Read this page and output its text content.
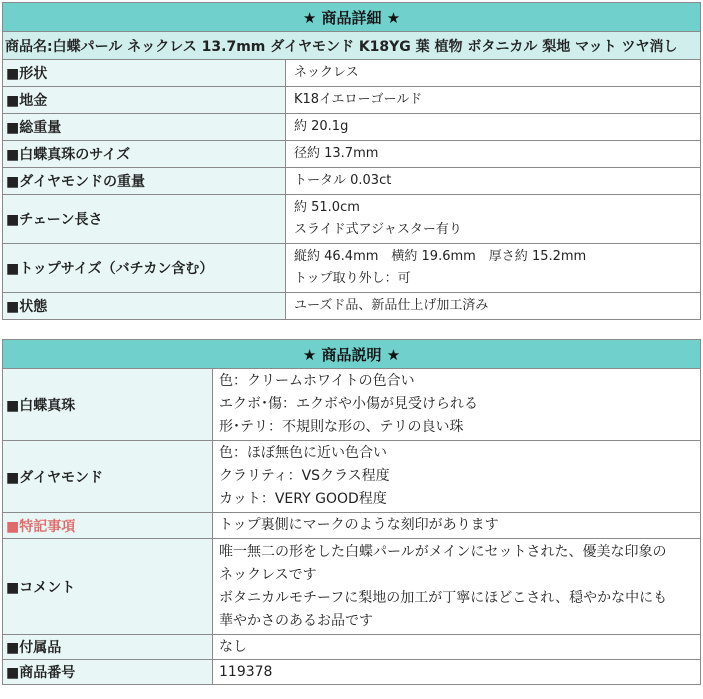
★ 商品詳細 ★	
商品名:白蝶パール ネックレス 13.7mm ダイヤモンド K18YG 葉 植物 ボタニカル 梨地 マット ツヤ消し	
■形状	ネックレス

■地金	K18イエローゴールド

■総重量	約 20.1g

■白蝶真珠のサイズ	径約 13.7mm

■ダイヤモンドの重量	トータル 0.03ct

■チェーン長さ	約 51.0cm
スライド式アジャスター有り

■トップサイズ（バチカン含む）	縦約 46.4mm　横約 19.6mm　厚さ約 15.2mm
トップ取り外し：可

■状態	ユーズド品、新品仕上げ加工済み
★ 商品説明 ★	
■白蝶真珠	色：クリームホワイトの色合い
エクボ･傷：エクボや小傷が見受けられる
形･テリ：不規則な形の、テリの良い珠

■ダイヤモンド	色：ほぼ無色に近い色合い
クラリティ：VSクラス程度
カット：VERY GOOD程度

■特記事項	トップ裏側にマークのような刻印があります

■コメント	唯一無二の形をした白蝶パールがメインにセットされた、優美な印象の
ネックレスです
ボタニカルモチーフに梨地の加工が丁寧にほどこされ、穏やかな中にも
華やかさのあるお品です

■付属品	なし

■商品番号	119378
